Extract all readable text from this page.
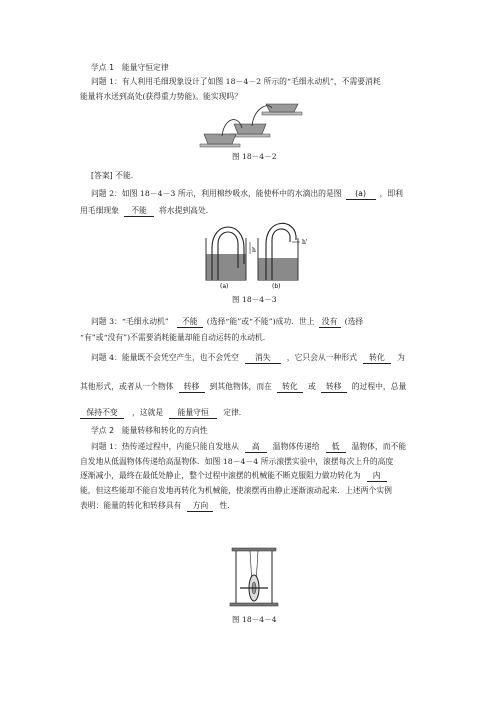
学点 1　能量守恒定律
问题 1：有人利用毛细现象设计了如图 18－4－2 所示的“毛细永动机”，不需要消耗
能量将水送到高处(获得重力势能)。能实现吗？
图 18－4－2
[答案] 不能.
问题 2：如图 18－4－3 所示，利用棉纱吸水，能使杯中的水滴出的是图 (a) ，即利
用毛细现象 不能 将水提到高处.
h
h'
(a)	(b)
图 18－4－3
问题 3：“毛细永动机” 不能 (选择“能”或“不能”)成功．世上 没有 (选择
“有”或“没有”)不需要消耗能量却能自动运转的永动机.
问题 4：能量既不会凭空产生，也不会凭空 消失 ，它只会从一种形式 转化 为
其他形式，或者从一个物体 转移 到其他物体，而在 转化 或 转移 的过程中，总量
保持不变 ，这就是 能量守恒 定律.
学点 2　能量转移和转化的方向性
问题 1：热传递过程中，内能只能自发地从 高 温物体传递给 低 温物体，而不能
自发地从低温物体传递给高温物体．如图 18－4－4 所示滚摆实验中，滚摆每次上升的高度
逐渐减小，最终在最低处静止，整个过程中滚摆的机械能不断克服阻力做功转化为 内
能，但这些能却不能自发地再转化为机械能，使滚摆再由静止逐渐滚动起来．上述两个实例
表明：能量的转化和转移具有 方向 性.
图 18－4－4
